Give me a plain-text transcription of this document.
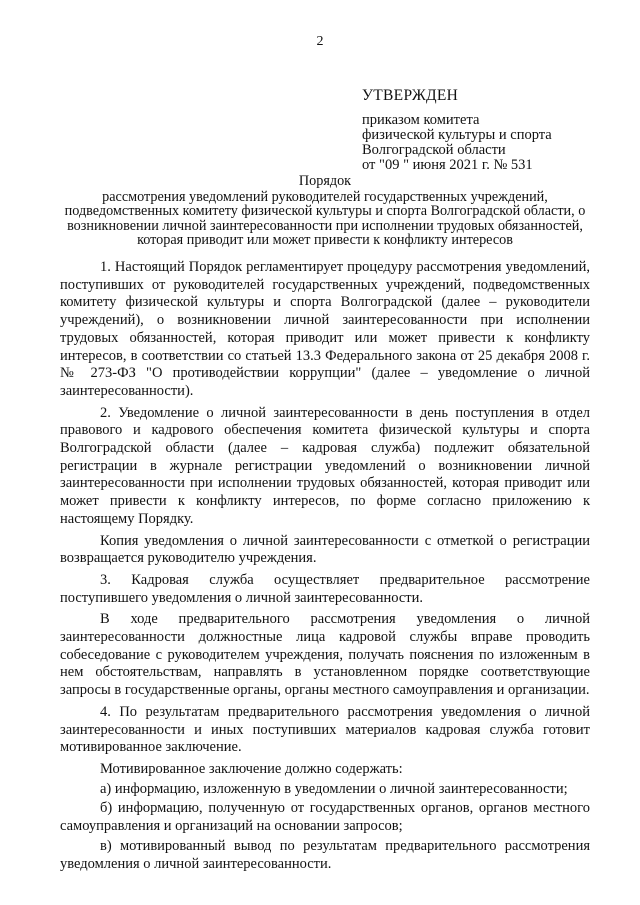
2
УТВЕРЖДЕН
приказом комитета
физической культуры и спорта
Волгоградской области
от "09 " июня 2021 г. № 531
Порядок
рассмотрения уведомлений руководителей государственных учреждений, подведомственных комитету физической культуры и спорта Волгоградской области, о возникновении личной заинтересованности при исполнении трудовых обязанностей, которая приводит или может привести к конфликту интересов

1. Настоящий Порядок регламентирует процедуру рассмотрения уведомлений, поступивших от руководителей государственных учреждений, подведомственных комитету физической культуры и спорта Волгоградской (далее – руководители учреждений), о возникновении личной заинтересованности при исполнении трудовых обязанностей, которая приводит или может привести к конфликту интересов, в соответствии со статьей 13.3 Федерального закона от 25 декабря 2008 г. № 273-ФЗ "О противодействии коррупции" (далее – уведомление о личной заинтересованности).

2. Уведомление о личной заинтересованности в день поступления в отдел правового и кадрового обеспечения комитета физической культуры и спорта Волгоградской области (далее – кадровая служба) подлежит обязательной регистрации в журнале регистрации уведомлений о возникновении личной заинтересованности при исполнении трудовых обязанностей, которая приводит или может привести к конфликту интересов, по форме согласно приложению к настоящему Порядку.

Копия уведомления о личной заинтересованности с отметкой о регистрации возвращается руководителю учреждения.

3. Кадровая служба осуществляет предварительное рассмотрение поступившего уведомления о личной заинтересованности.

В ходе предварительного рассмотрения уведомления о личной заинтересованности должностные лица кадровой службы вправе проводить собеседование с руководителем учреждения, получать пояснения по изложенным в нем обстоятельствам, направлять в установленном порядке соответствующие запросы в государственные органы, органы местного самоуправления и организации.

4. По результатам предварительного рассмотрения уведомления о личной заинтересованности и иных поступивших материалов кадровая служба готовит мотивированное заключение.

Мотивированное заключение должно содержать:

а) информацию, изложенную в уведомлении о личной заинтересованности;

б) информацию, полученную от государственных органов, органов местного самоуправления и организаций на основании запросов;

в) мотивированный вывод по результатам предварительного рассмотрения уведомления о личной заинтересованности.
